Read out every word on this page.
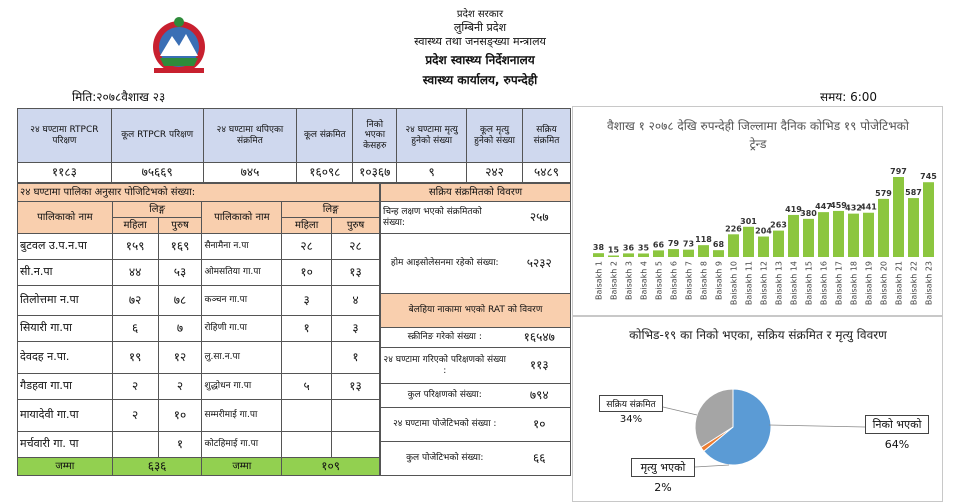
प्रदेश सरकार
लुम्बिनी प्रदेश
स्वास्थ्य तथा जनसङ्ख्या मन्त्रालय
प्रदेश स्वास्थ्य निर्देशनालय
स्वास्थ्य कार्यालय, रुपन्देही
मिति:२०७८वैशाख २३	समय: 6:00
२४ घण्टामा RTPCR परिक्षण	कूल RTPCR परिक्षण	२४ घण्टामा थपिएका संक्रमित	कूल संक्रमित	निको भएका केसहरु	२४ घण्टामा मृत्यु हुनेको संख्या	कूल मृत्यु हुनेको संख्या	सक्रिय संक्रमित
११८३	७५६६९	७४५	१६०९८	१०३६७	९	२४२	५४८९
२४ घण्टामा पालिका अनुसार पोजिटिभको संख्या:					
पालिकाको नाम	लिङ्ग		पालिकाको नाम	लिङ्ग	
	महिला	पुरुष		महिला	पुरुष
बुटवल उ.प.न.पा	१५९	१६९	सैनामैना न.पा	२८	२८
सी.न.पा	४४	५३	ओमसतिया गा.पा	१०	१३
तिलोत्तमा न.पा	७२	७८	कञ्चन गा.पा	३	४
सियारी गा.पा	६	७	रोहिणी गा.पा	१	३
देवदह न.पा.	१९	१२	लु.सा.न.पा		१
गैडहवा गा.पा	२	२	शुद्धोधन गा.पा	५	१३
मायादेवी गा.पा	२	१०	सम्मरीमाई गा.पा		
मर्चवारी गा. पा		१	कोटहिमाई गा.पा		
जम्मा	६३६		जम्मा	१०९	
सक्रिय संक्रमितको विवरण	
चिन्ह लक्षण भएको संक्रमितको संख्या:	२५७
होम आइसोलेसनमा रहेको संख्या:	५२३२
बेलहिया नाकामा भएको RAT को विवरण	
स्क्रीनिङ गरेको संख्या :	१६५४७
२४ घण्टामा गरिएको परिक्षणको संख्या :	११३
कुल परिक्षणको संख्या:	७९४
२४ घण्टामा पोजेटिभको संख्या :	१०
कुल पोजेटिभको संख्या:	६६
वैशाख १ २०७८ देखि रुपन्देही जिल्लामा दैनिक कोभिड १९ पोजेटिभको ट्रेन्ड
38
Baisakh 1
15
Baisakh 2
36
Baisakh 3
35
Baisakh 4
66
Baisakh 5
79
Baisakh 6
73
Baisakh 7
118
Baisakh 8
68
Baisakh 9
226
Baisakh 10
301
Baisakh 11
204
Baisakh 12
263
Baisakh 13
419
Baisakh 14
380
Baisakh 15
447
Baisakh 16
459
Baisakh 17
432
Baisakh 18
441
Baisakh 19
579
Baisakh 20
797
Baisakh 21
587
Baisakh 22
745
Baisakh 23
कोभिड-१९ का निको भएका, सक्रिय संक्रमित र मृत्यु विवरण
निको भएको
64%
सक्रिय संक्रमित
34%
मृत्यु भएको
2%
